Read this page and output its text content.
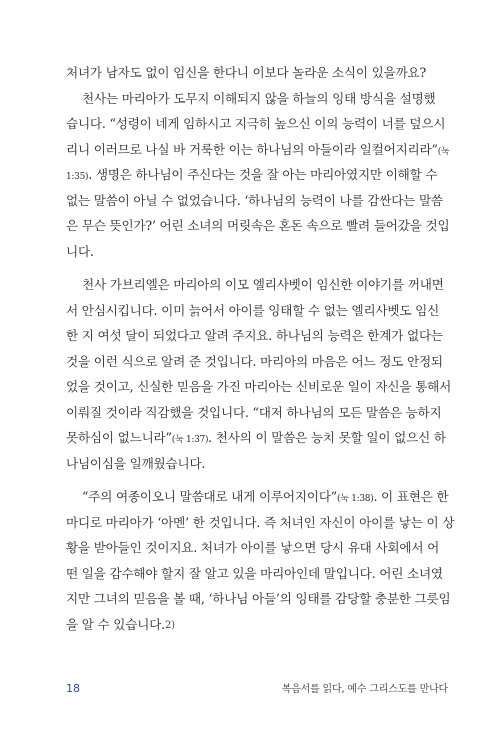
처녀가 남자도 없이 임신을 한다니 이보다 놀라운 소식이 있을까요?
천사는 마리아가 도무지 이해되지 않을 하늘의 잉태 방식을 설명했
습니다. “성령이 네게 임하시고 지극히 높으신 이의 능력이 너를 덮으시
리니 이러므로 나실 바 거룩한 이는 하나님의 아들이라 일컬어지리라”(눅
1:35). 생명은 하나님이 주신다는 것을 잘 아는 마리아였지만 이해할 수
없는 말씀이 아닐 수 없었습니다. ‘하나님의 능력이 나를 감싼다는 말씀
은 무슨 뜻인가?’ 어린 소녀의 머릿속은 혼돈 속으로 빨려 들어갔을 것입
니다.
천사 가브리엘은 마리아의 이모 엘리사벳이 임신한 이야기를 꺼내면
서 안심시킵니다. 이미 늙어서 아이를 잉태할 수 없는 엘리사벳도 임신
한 지 여섯 달이 되었다고 알려 주지요. 하나님의 능력은 한계가 없다는
것을 이런 식으로 알려 준 것입니다. 마리아의 마음은 어느 정도 안정되
었을 것이고, 신실한 믿음을 가진 마리아는 신비로운 일이 자신을 통해서
이뤄질 것이라 직감했을 것입니다. “대저 하나님의 모든 말씀은 능하지
못하심이 없느니라”(눅 1:37). 천사의 이 말씀은 능치 못할 일이 없으신 하
나님이심을 일깨웠습니다.
“주의 여종이오니 말씀대로 내게 이루어지이다”(눅 1:38). 이 표현은 한
마디로 마리아가 ‘아멘’ 한 것입니다. 즉 처녀인 자신이 아이를 낳는 이 상
황을 받아들인 것이지요. 처녀가 아이를 낳으면 당시 유대 사회에서 어
떤 일을 감수해야 할지 잘 알고 있을 마리아인데 말입니다. 어린 소녀였
지만 그녀의 믿음을 볼 때, ‘하나님 아들’의 잉태를 감당할 충분한 그릇임
을 알 수 있습니다.2)
18	복음서를 읽다, 예수 그리스도를 만나다
